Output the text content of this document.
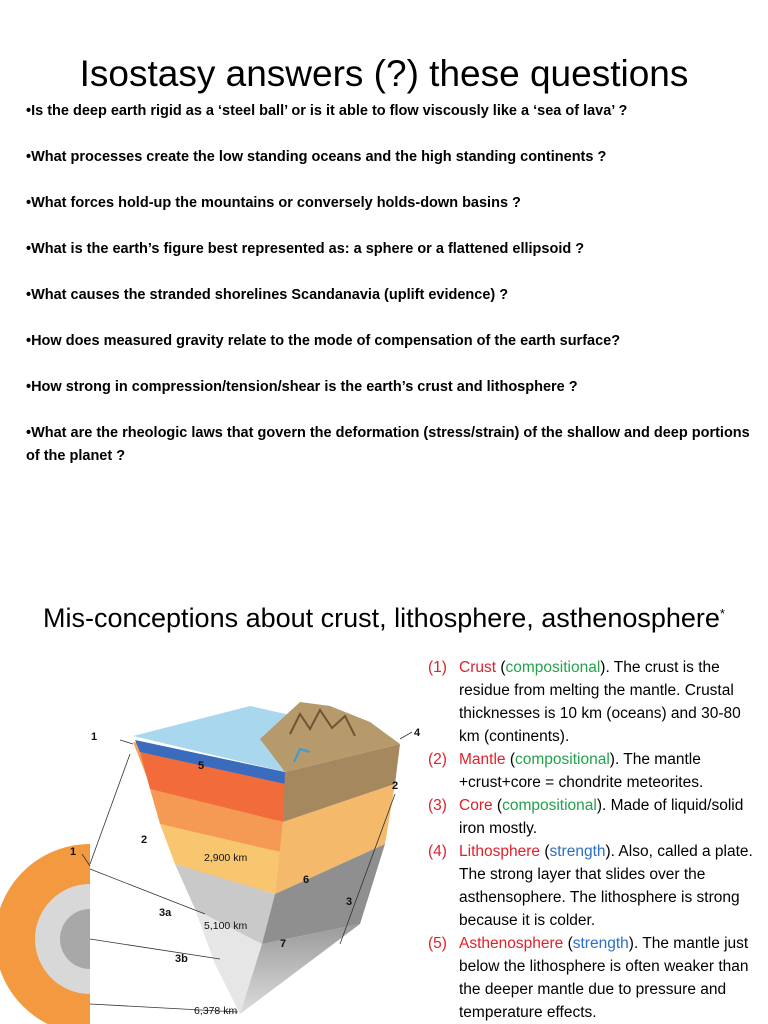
Isostasy answers (?) these questions
•Is the deep earth rigid as a ‘steel ball’ or is it able to flow viscously like a ‘sea of lava’ ?
•What processes create the low standing oceans and the high standing continents ?
•What forces hold-up the mountains or conversely holds-down basins ?
•What is the earth’s figure best represented as: a sphere or a flattened ellipsoid ?
•What causes the stranded shorelines Scandanavia (uplift evidence) ?
•How does measured gravity relate to the mode of compensation of the earth surface?
•How strong in compression/tension/shear is the earth’s crust and lithosphere ?
•What are the rheologic laws that govern the deformation (stress/strain) of the shallow and deep portions of the planet ?
Mis-conceptions about crust, lithosphere, asthenosphere*
1
1
2
2
3
3a
3b
4
5
6
7
2,900 km
5,100 km
6,378 km
(1) Crust (compositional). The crust is the residue from melting the mantle. Crustal thicknesses is 10 km (oceans) and 30-80 km (continents).
(2) Mantle (compositional). The mantle +crust+core = chondrite meteorites.
(3) Core (compositional). Made of liquid/solid iron mostly.
(4) Lithosphere (strength). Also, called a plate. The strong layer that slides over the asthensophere. The lithosphere is strong because it is colder.
(5) Asthenosphere (strength). The mantle just below the lithosphere is often weaker than the deeper mantle due to pressure and temperature effects.
